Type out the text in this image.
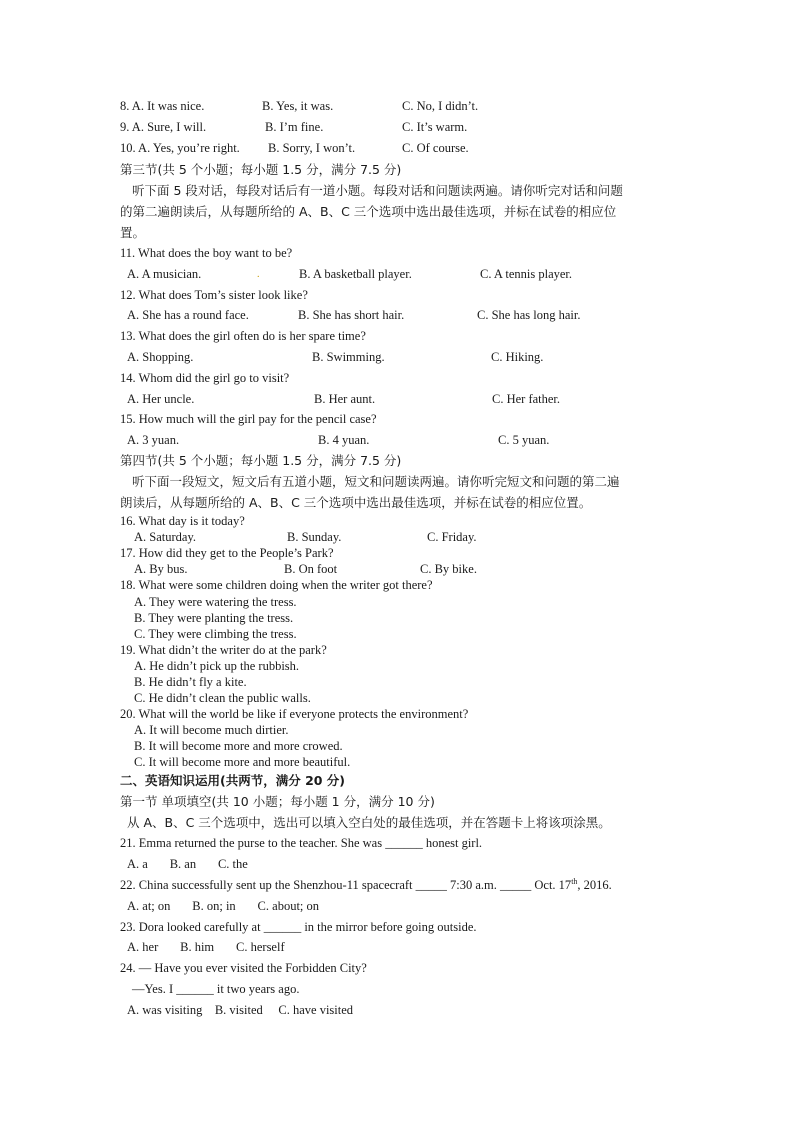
8. A. It was nice.	B. Yes, it was.	C. No, I didn’t.
9. A. Sure, I will.	B. I’m fine.	C. It’s warm.
10. A. Yes, you’re right. B. Sorry, I won’t.	C. Of course.
第三节(共 5 个小题；每小题 1.5 分，满分 7.5 分)
听下面 5 段对话，每段对话后有一道小题。每段对话和问题读两遍。请你听完对话和问题
的第二遍朗读后，从每题所给的 A、B、C 三个选项中选出最佳选项，并标在试卷的相应位
置。
11. What does the boy want to be?
A. A musician.	.	B. A basketball player.	C. A tennis player.
12. What does Tom’s sister look like?
A. She has a round face.	B. She has short hair.	C. She has long hair.
13. What does the girl often do is her spare time?
A. Shopping.	B. Swimming.	C. Hiking.
14. Whom did the girl go to visit?
A. Her uncle.	B. Her aunt.	C. Her father.
15. How much will the girl pay for the pencil case?
A. 3 yuan.	B. 4 yuan.	C. 5 yuan.
第四节(共 5 个小题；每小题 1.5 分，满分 7.5 分)
听下面一段短文，短文后有五道小题，短文和问题读两遍。请你听完短文和问题的第二遍
朗读后，从每题所给的 A、B、C 三个选项中选出最佳选项，并标在试卷的相应位置。
16. What day is it today?
A. Saturday.	B. Sunday.	C. Friday.
17. How did they get to the People’s Park?
A. By bus.	B. On foot	C. By bike.
18. What were some children doing when the writer got there?
A. They were watering the tress.
B. They were planting the tress.
C. They were climbing the tress.
19. What didn’t the writer do at the park?
A. He didn’t pick up the rubbish.
B. He didn’t fly a kite.
C. He didn’t clean the public walls.
20. What will the world be like if everyone protects the environment?
A. It will become much dirtier.
B. It will become more and more crowed.
C. It will become more and more beautiful.
二、英语知识运用(共两节，满分 20 分)
第一节 单项填空(共 10 小题；每小题 1 分，满分 10 分)
从 A、B、C 三个选项中，选出可以填入空白处的最佳选项，并在答题卡上将该项涂黑。
21. Emma returned the purse to the teacher. She was ______ honest girl.
A. a       B. an       C. the
22. China successfully sent up the Shenzhou-11 spacecraft _____ 7:30 a.m. _____ Oct. 17th, 2016.
A. at; on       B. on; in       C. about; on
23. Dora looked carefully at ______ in the mirror before going outside.
A. her       B. him       C. herself
24. — Have you ever visited the Forbidden City?
—Yes. I ______ it two years ago.
A. was visiting    B. visited     C. have visited
